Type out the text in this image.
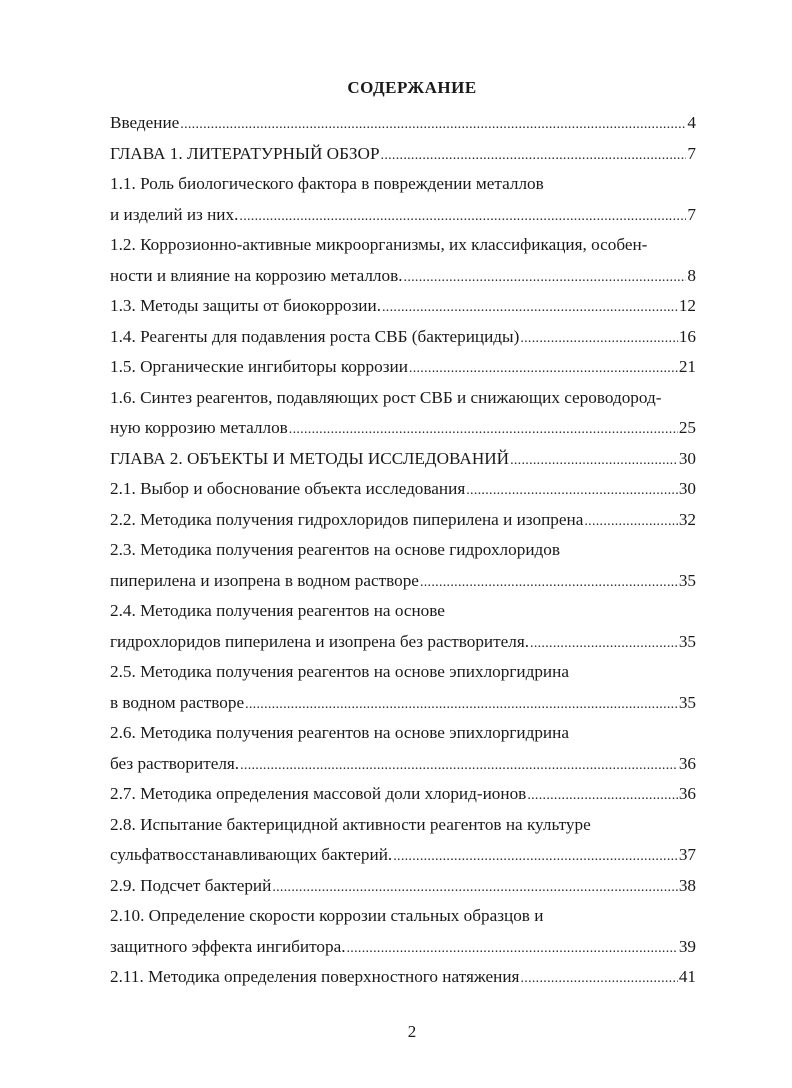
СОДЕРЖАНИЕ
Введение . . .	4
ГЛАВА 1. ЛИТЕРАТУРНЫЙ ОБЗОР . . .	7
1.1. Роль биологического фактора в повреждении металлов
и изделий из них. . . .	7
1.2. Коррозионно-активные микроорганизмы, их классификация, особен-
ности и влияние на коррозию металлов. . . .	8
1.3. Методы защиты от биокоррозии. . . .	12
1.4. Реагенты для подавления роста СВБ (бактерициды) . . .	16
1.5. Органические ингибиторы коррозии . . .	21
1.6. Синтез реагентов, подавляющих рост СВБ и снижающих сероводород-
ную коррозию металлов . . .	25
ГЛАВА 2. ОБЪЕКТЫ И МЕТОДЫ ИССЛЕДОВАНИЙ . . .	30
2.1. Выбор и обоснование объекта исследования . . .	30
2.2. Методика получения гидрохлоридов пиперилена и изопрена . . .	32
2.3. Методика получения реагентов на основе гидрохлоридов
пиперилена и изопрена в водном растворе . . .	35
2.4. Методика получения реагентов на основе
гидрохлоридов пиперилена и изопрена без растворителя. . . .	35
2.5. Методика получения реагентов на основе эпихлоргидрина
в водном растворе . . .	35
2.6. Методика получения реагентов на основе эпихлоргидрина
без растворителя. . . .	36
2.7. Методика определения массовой доли хлорид-ионов . . .	36
2.8. Испытание бактерицидной активности реагентов на культуре
сульфатвосстанавливающих бактерий. . . .	37
2.9. Подсчет бактерий . . .	38
2.10. Определение скорости коррозии стальных образцов и
защитного эффекта ингибитора. . . .	39
2.11. Методика определения поверхностного натяжения . . .	41
2
